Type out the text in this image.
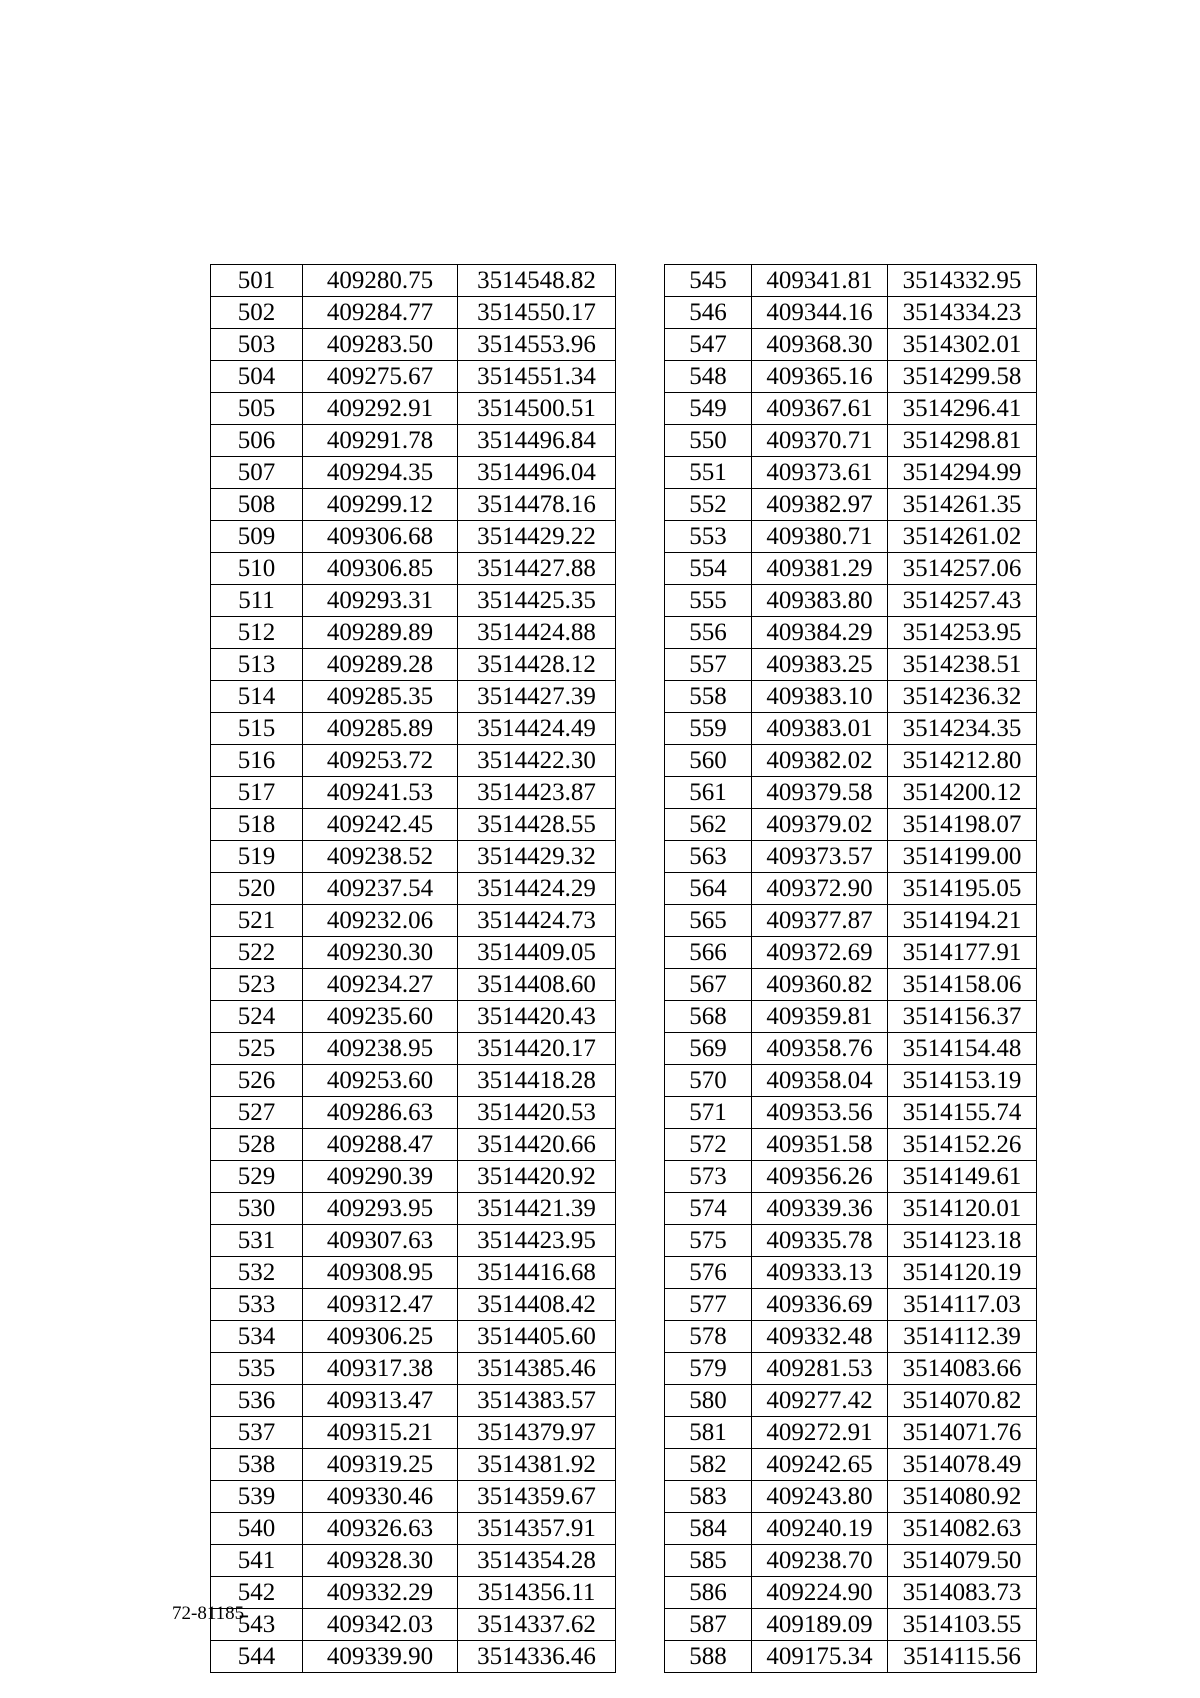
501	409280.75	3514548.82
502	409284.77	3514550.17
503	409283.50	3514553.96
504	409275.67	3514551.34
505	409292.91	3514500.51
506	409291.78	3514496.84
507	409294.35	3514496.04
508	409299.12	3514478.16
509	409306.68	3514429.22
510	409306.85	3514427.88
511	409293.31	3514425.35
512	409289.89	3514424.88
513	409289.28	3514428.12
514	409285.35	3514427.39
515	409285.89	3514424.49
516	409253.72	3514422.30
517	409241.53	3514423.87
518	409242.45	3514428.55
519	409238.52	3514429.32
520	409237.54	3514424.29
521	409232.06	3514424.73
522	409230.30	3514409.05
523	409234.27	3514408.60
524	409235.60	3514420.43
525	409238.95	3514420.17
526	409253.60	3514418.28
527	409286.63	3514420.53
528	409288.47	3514420.66
529	409290.39	3514420.92
530	409293.95	3514421.39
531	409307.63	3514423.95
532	409308.95	3514416.68
533	409312.47	3514408.42
534	409306.25	3514405.60
535	409317.38	3514385.46
536	409313.47	3514383.57
537	409315.21	3514379.97
538	409319.25	3514381.92
539	409330.46	3514359.67
540	409326.63	3514357.91
541	409328.30	3514354.28
542	409332.29	3514356.11
543	409342.03	3514337.62
544	409339.90	3514336.46
545	409341.81	3514332.95
546	409344.16	3514334.23
547	409368.30	3514302.01
548	409365.16	3514299.58
549	409367.61	3514296.41
550	409370.71	3514298.81
551	409373.61	3514294.99
552	409382.97	3514261.35
553	409380.71	3514261.02
554	409381.29	3514257.06
555	409383.80	3514257.43
556	409384.29	3514253.95
557	409383.25	3514238.51
558	409383.10	3514236.32
559	409383.01	3514234.35
560	409382.02	3514212.80
561	409379.58	3514200.12
562	409379.02	3514198.07
563	409373.57	3514199.00
564	409372.90	3514195.05
565	409377.87	3514194.21
566	409372.69	3514177.91
567	409360.82	3514158.06
568	409359.81	3514156.37
569	409358.76	3514154.48
570	409358.04	3514153.19
571	409353.56	3514155.74
572	409351.58	3514152.26
573	409356.26	3514149.61
574	409339.36	3514120.01
575	409335.78	3514123.18
576	409333.13	3514120.19
577	409336.69	3514117.03
578	409332.48	3514112.39
579	409281.53	3514083.66
580	409277.42	3514070.82
581	409272.91	3514071.76
582	409242.65	3514078.49
583	409243.80	3514080.92
584	409240.19	3514082.63
585	409238.70	3514079.50
586	409224.90	3514083.73
587	409189.09	3514103.55
588	409175.34	3514115.56
72-81185
